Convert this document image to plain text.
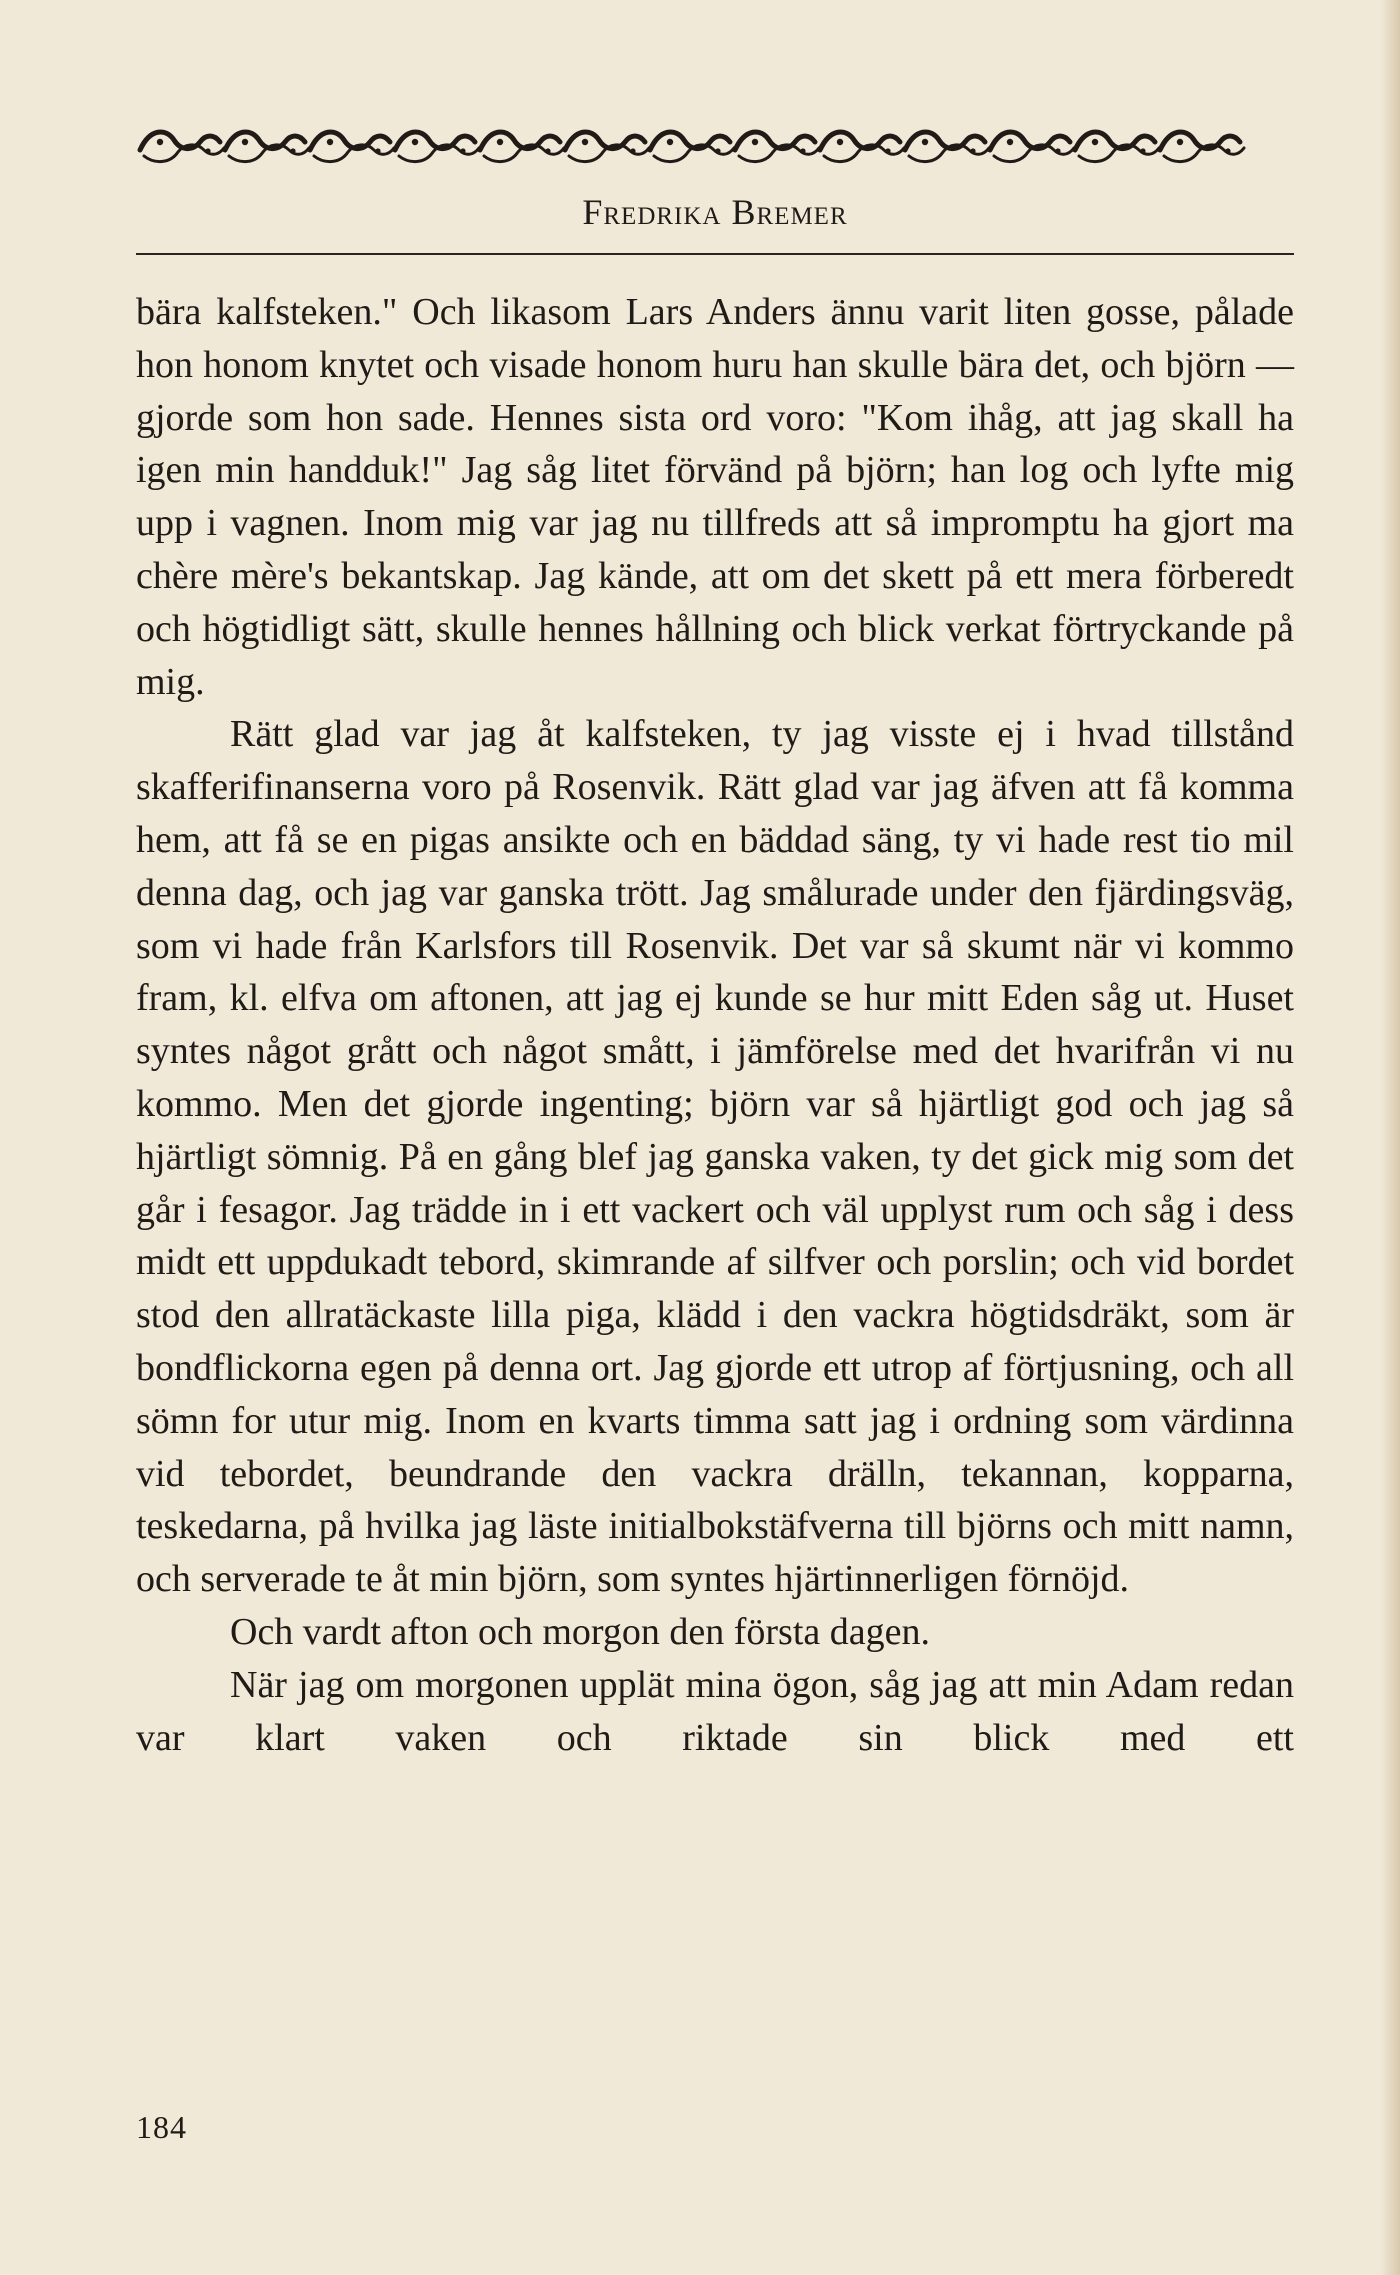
Fredrika Bremer

bära kalfsteken." Och likasom Lars Anders ännu varit liten gosse, pålade hon honom knytet och visade honom huru han skulle bära det, och björn — gjorde som hon sade. Hennes sista ord voro: "Kom ihåg, att jag skall ha igen min handduk!" Jag såg litet förvänd på björn; han log och lyfte mig upp i vagnen. Inom mig var jag nu tillfreds att så impromptu ha gjort ma chère mère's bekantskap. Jag kände, att om det skett på ett mera förberedt och högtidligt sätt, skulle hennes hållning och blick verkat förtryckande på mig.

Rätt glad var jag åt kalfsteken, ty jag visste ej i hvad tillstånd skafferifinanserna voro på Rosenvik. Rätt glad var jag äfven att få komma hem, att få se en pigas ansikte och en bäddad säng, ty vi hade rest tio mil denna dag, och jag var ganska trött. Jag smålurade under den fjärdingsväg, som vi hade från Karlsfors till Rosenvik. Det var så skumt när vi kommo fram, kl. elfva om aftonen, att jag ej kunde se hur mitt Eden såg ut. Huset syntes något grått och något smått, i jämförelse med det hvarifrån vi nu kommo. Men det gjorde ingenting; björn var så hjärtligt god och jag så hjärtligt sömnig. På en gång blef jag ganska vaken, ty det gick mig som det går i fesagor. Jag trädde in i ett vackert och väl upplyst rum och såg i dess midt ett uppdukadt tebord, skimrande af silfver och porslin; och vid bordet stod den allratäckaste lilla piga, klädd i den vackra högtidsdräkt, som är bondflickorna egen på denna ort. Jag gjorde ett utrop af förtjusning, och all sömn for utur mig. Inom en kvarts timma satt jag i ordning som värdinna vid tebordet, beundrande den vackra drälln, tekannan, kopparna, teskedarna, på hvilka jag läste initialbokstäfverna till björns och mitt namn, och serverade te åt min björn, som syntes hjärtinnerligen förnöjd.

Och vardt afton och morgon den första dagen.

När jag om morgonen upplät mina ögon, såg jag att min Adam redan var klart vaken och riktade sin blick med ett

184
